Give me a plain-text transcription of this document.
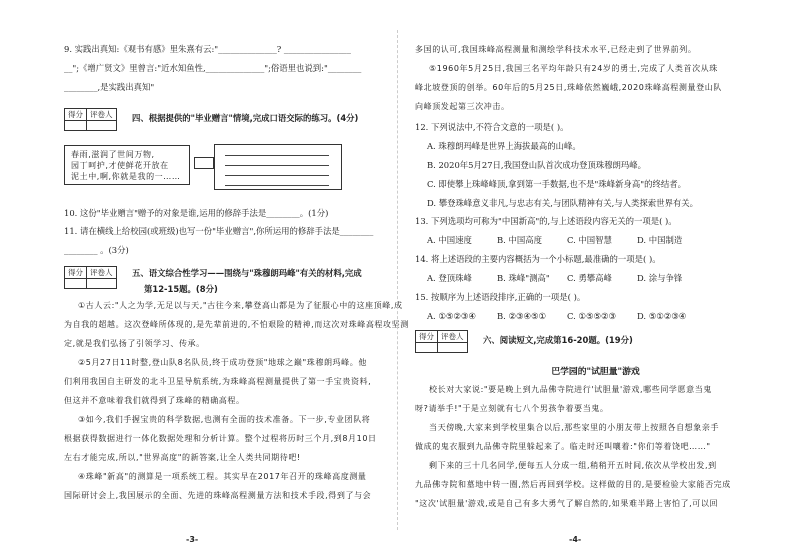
9. 实践出真知:《观书有感》里朱熹有云:"______________? ________________
__";《增广贤文》里曾言:"近水知鱼性,______________";俗语里也说到:"________
________,是实践出真知"
得分	评卷人
	四、根据提供的"毕业赠言"情境,完成口语交际的练习。(4分)
春雨,滋润了世间万物,
园丁呵护,才使鲜花开放在
泥土中,啊,你就是我的一……
10. 这份"毕业赠言"赠予的对象是谁,运用的修辞手法是________。(1分)
11. 请在横线上给校园(或班级)也写一份"毕业赠言",你所运用的修辞手法是________
________ 。(3分)
得分	评卷人
	五、语文综合性学习——围绕与"珠穆朗玛峰"有关的材料,完成
第12-15题。(8分)
①古人云:"人之为学,无足以与天,"古往今来,攀登高山都是为了征服心中的这座顶峰,成
为自我的超越。这次登峰所体现的,是先辈前进的,不怕艰险的精神,而这次对珠峰高程攻坚测
定,就是我们弘扬了引领学习、传承。
②5月27日11时整,登山队8名队员,终于成功登顶"地球之巅"珠穆朗玛峰。他
们利用我国自主研发的北斗卫星导航系统,为珠峰高程测量提供了第一手宝贵资料,
但这并不意味着我们就得到了珠峰的精确高程。
③如今,我们手握宝贵的科学数据,也测有全面的技术准备。下一步,专业团队将
根据获得数据进行一体化数据处理和分析计算。整个过程将历时三个月,到8月10日
左右才能完成,所以,"世界高度"的新答案,让全人类共同期待吧!
④珠峰"新高"的测算是一项系统工程。其实早在2017年召开的珠峰高度测量
国际研讨会上,我国展示的全面、先进的珠峰高程测量方法和技术手段,得到了与会
-3-
多国的认可,我国珠峰高程测量和测绘学科技术水平,已经走到了世界前列。
⑤1960年5月25日,我国三名平均年龄只有24岁的勇士,完成了人类首次从珠
峰北坡登顶的创举。60年后的5月25日,珠峰依然巍峨,2020珠峰高程测量登山队
向峰顶发起第三次冲击。
12. 下列说法中,不符合文意的一项是( )。
A. 珠穆朗玛峰是世界上海拔最高的山峰。
B. 2020年5月27日,我国登山队首次成功登顶珠穆朗玛峰。
C. 即使攀上珠峰峰顶,拿到第一手数据,也不是"珠峰新身高"的终结者。
D. 攀登珠峰意义非凡,与忠志有关,与团队精神有关,与人类探索世界有关。
13. 下列选项均可称为"中国新高"的,与上述语段内容无关的一项是( )。
A. 中国速度	B. 中国高度	C. 中国智慧	D. 中国制造
14. 将上述语段的主要内容概括为一个小标题,最准确的一项是( )。
A. 登顶珠峰	B. 珠峰"测高" C. 勇攀高峰	D. 涂与争锋
15. 按顺序为上述语段排序,正确的一项是( )。
A. ①⑤②③④	B. ②③④⑤① C. ①⑤⑤②③	D. ⑤①②③④
得分	评卷人
	六、阅读短文,完成第16-20题。(19分)
巴学园的"试胆量"游戏
校长对大家说:"要是晚上到九品佛寺院进行'试胆量'游戏,哪些同学愿意当鬼
呀?请举手!"于是立刻就有七八个男孩争着要当鬼。
当天傍晚,大家来到学校里集合以后,那些家里的小朋友带上按照各自想象亲手
做成的鬼衣服到九品佛寺院里躲起来了。临走时还叫嚷着:"你们等着饶吧……"
剩下来的三十几名同学,便每五人分成一组,稍稍开五时间,依次从学校出发,到
九品佛寺院和墓地中转一圈,然后再回到学校。这样做的目的,是要检验大家能否完成
"这次'试胆量'游戏,或是自己有多大勇气了解自然的,如果难半路上害怕了,可以回
-4-
